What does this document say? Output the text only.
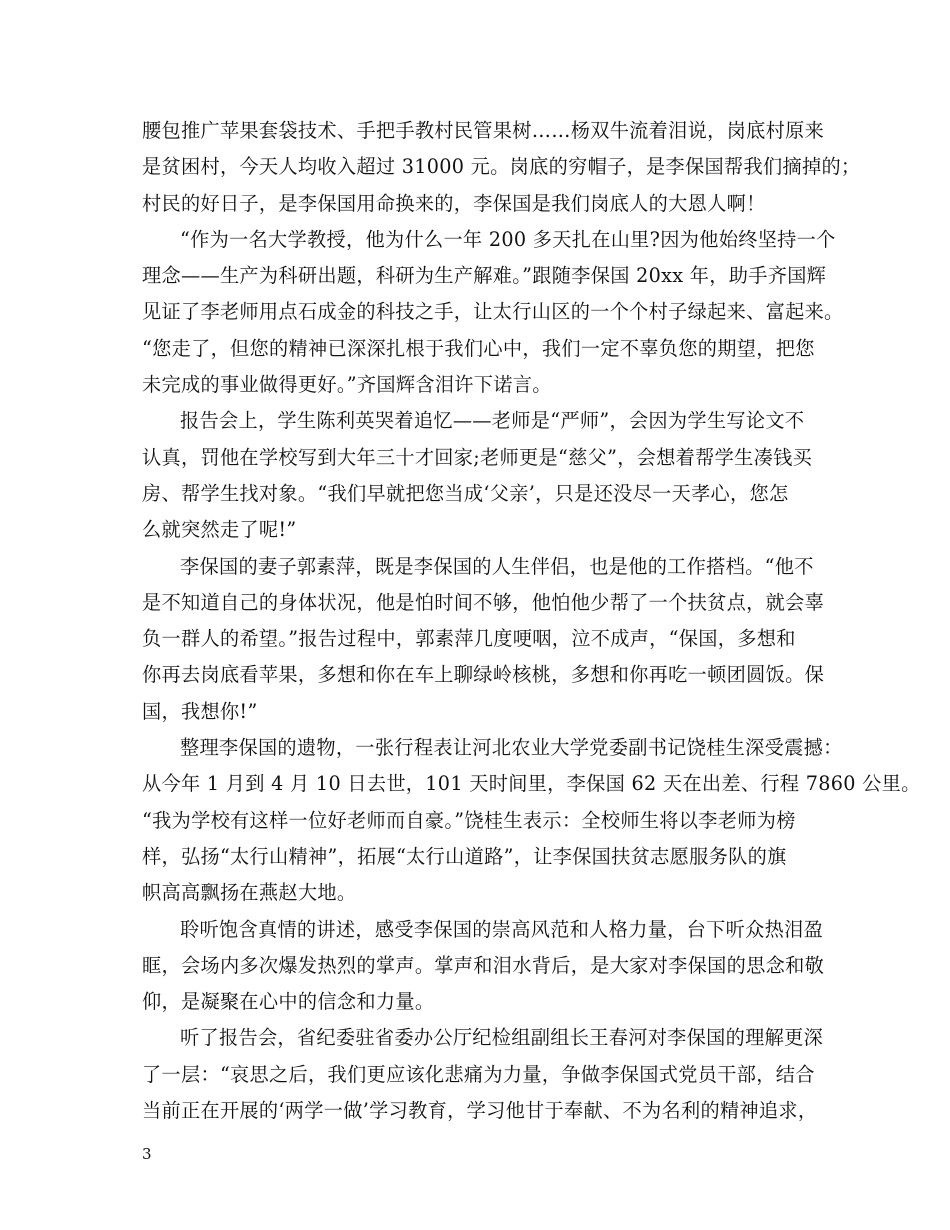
腰包推广苹果套袋技术、手把手教村民管果树……杨双牛流着泪说，岗底村原来
是贫困村，今天人均收入超过 31000 元。岗底的穷帽子，是李保国帮我们摘掉的；
村民的好日子，是李保国用命换来的，李保国是我们岗底人的大恩人啊！
“作为一名大学教授，他为什么一年 200 多天扎在山里?因为他始终坚持一个
理念——生产为科研出题，科研为生产解难。”跟随李保国 20xx 年，助手齐国辉
见证了李老师用点石成金的科技之手，让太行山区的一个个村子绿起来、富起来。
“您走了，但您的精神已深深扎根于我们心中，我们一定不辜负您的期望，把您
未完成的事业做得更好。”齐国辉含泪许下诺言。
报告会上，学生陈利英哭着追忆——老师是“严师”，会因为学生写论文不
认真，罚他在学校写到大年三十才回家;老师更是“慈父”，会想着帮学生凑钱买
房、帮学生找对象。“我们早就把您当成‘父亲’，只是还没尽一天孝心，您怎
么就突然走了呢!”
李保国的妻子郭素萍，既是李保国的人生伴侣，也是他的工作搭档。“他不
是不知道自己的身体状况，他是怕时间不够，他怕他少帮了一个扶贫点，就会辜
负一群人的希望。”报告过程中，郭素萍几度哽咽，泣不成声，“保国，多想和
你再去岗底看苹果，多想和你在车上聊绿岭核桃，多想和你再吃一顿团圆饭。保
国，我想你!”
整理李保国的遗物，一张行程表让河北农业大学党委副书记饶桂生深受震撼：
从今年 1 月到 4 月 10 日去世，101 天时间里，李保国 62 天在出差、行程 7860 公里。
“我为学校有这样一位好老师而自豪。”饶桂生表示：全校师生将以李老师为榜
样，弘扬“太行山精神”，拓展“太行山道路”，让李保国扶贫志愿服务队的旗
帜高高飘扬在燕赵大地。
聆听饱含真情的讲述，感受李保国的崇高风范和人格力量，台下听众热泪盈
眶，会场内多次爆发热烈的掌声。掌声和泪水背后，是大家对李保国的思念和敬
仰，是凝聚在心中的信念和力量。
听了报告会，省纪委驻省委办公厅纪检组副组长王春河对李保国的理解更深
了一层：“哀思之后，我们更应该化悲痛为力量，争做李保国式党员干部，结合
当前正在开展的‘两学一做’学习教育，学习他甘于奉献、不为名利的精神追求，
3
